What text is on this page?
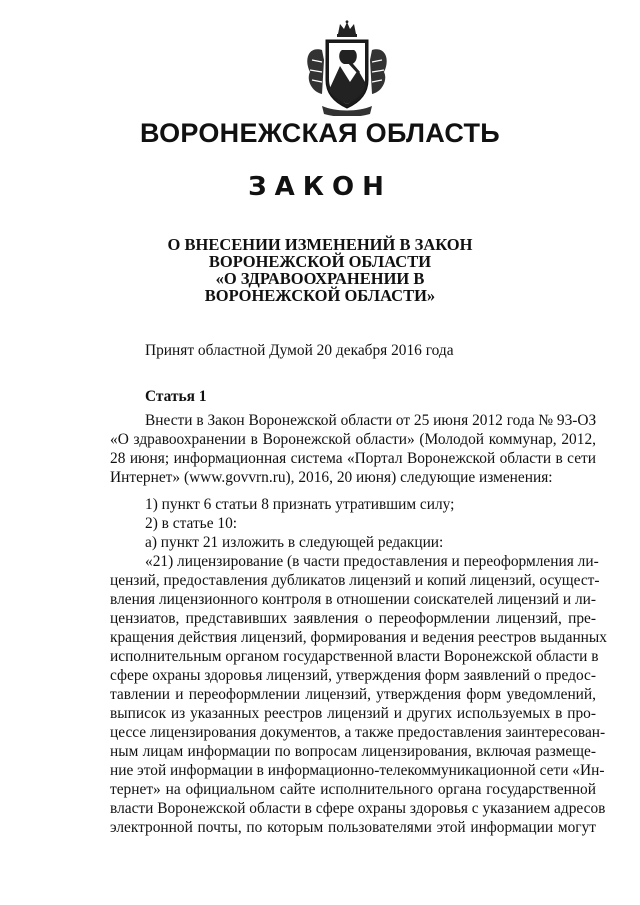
ВОРОНЕЖСКАЯ ОБЛАСТЬ
ЗАКОН
О ВНЕСЕНИИ ИЗМЕНЕНИЙ В ЗАКОН
ВОРОНЕЖСКОЙ ОБЛАСТИ
«О ЗДРАВООХРАНЕНИИ В
ВОРОНЕЖСКОЙ ОБЛАСТИ»
Принят областной Думой 20 декабря 2016 года
Статья 1
Внести в Закон Воронежской области от 25 июня 2012 года № 93-ОЗ
«О здравоохранении в Воронежской области» (Молодой коммунар, 2012,
28 июня; информационная система «Портал Воронежской области в сети
Интернет» (www.govvrn.ru), 2016, 20 июня) следующие изменения:
1) пункт 6 статьи 8 признать утратившим силу;
2) в статье 10:
а) пункт 21 изложить в следующей редакции:
«21) лицензирование (в части предоставления и переоформления ли-
цензий, предоставления дубликатов лицензий и копий лицензий, осущест-
вления лицензионного контроля в отношении соискателей лицензий и ли-
цензиатов, представивших заявления о переоформлении лицензий, пре-
кращения действия лицензий, формирования и ведения реестров выданных
исполнительным органом государственной власти Воронежской области в
сфере охраны здоровья лицензий, утверждения форм заявлений о предос-
тавлении и переоформлении лицензий, утверждения форм уведомлений,
выписок из указанных реестров лицензий и других используемых в про-
цессе лицензирования документов, а также предоставления заинтересован-
ным лицам информации по вопросам лицензирования, включая размеще-
ние этой информации в информационно-телекоммуникационной сети «Ин-
тернет» на официальном сайте исполнительного органа государственной
власти Воронежской области в сфере охраны здоровья с указанием адресов
электронной почты, по которым пользователями этой информации могут
